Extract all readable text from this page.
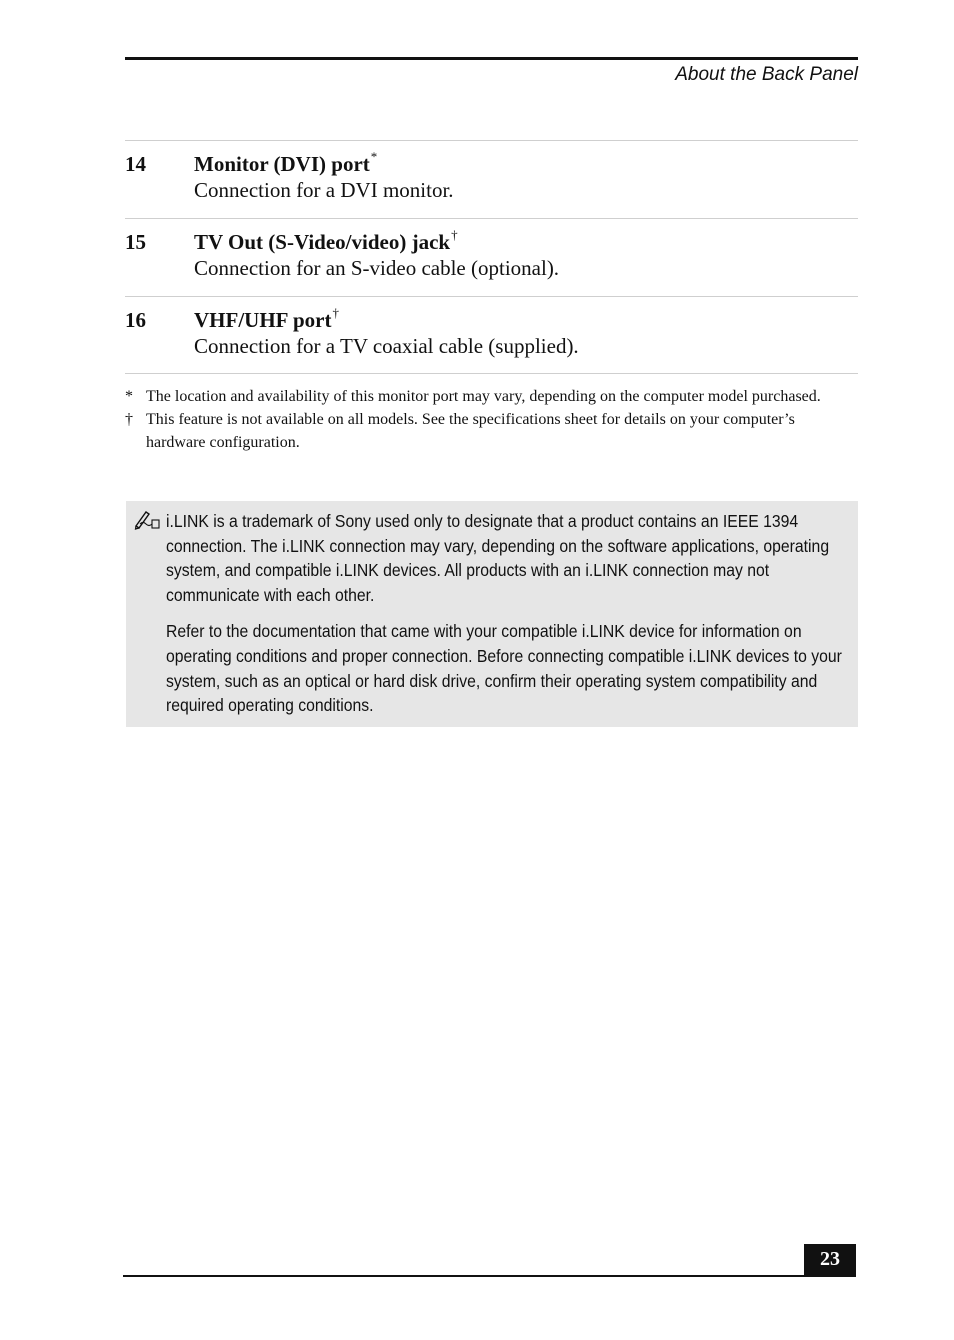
About the Back Panel
14 Monitor (DVI) port*
Connection for a DVI monitor.
15 TV Out (S-Video/video) jack†
Connection for an S-video cable (optional).
16 VHF/UHF port†
Connection for a TV coaxial cable (supplied).
* The location and availability of this monitor port may vary, depending on the computer model purchased.
† This feature is not available on all models. See the specifications sheet for details on your computer’s hardware configuration.

i.LINK is a trademark of Sony used only to designate that a product contains an IEEE 1394 connection. The i.LINK connection may vary, depending on the software applications, operating system, and compatible i.LINK devices. All products with an i.LINK connection may not communicate with each other.

Refer to the documentation that came with your compatible i.LINK device for information on operating conditions and proper connection. Before connecting compatible i.LINK devices to your system, such as an optical or hard disk drive, confirm their operating system compatibility and required operating conditions.

23
